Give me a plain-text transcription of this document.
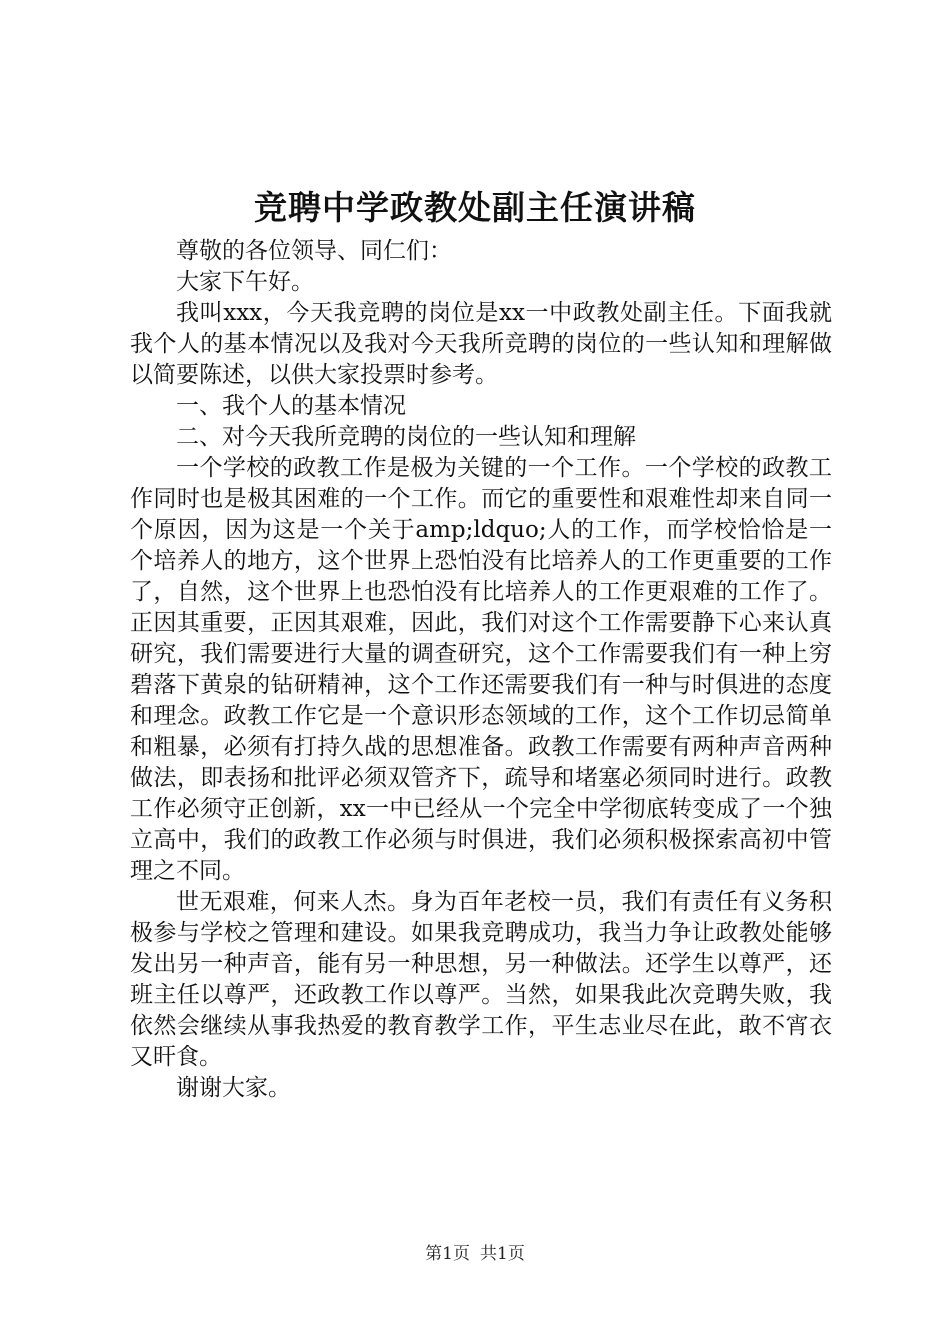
竞聘中学政教处副主任演讲稿

尊敬的各位领导、同仁们：

大家下午好。

我叫xxx，今天我竞聘的岗位是xx一中政教处副主任。下面我就我个人的基本情况以及我对今天我所竞聘的岗位的一些认知和理解做以简要陈述，以供大家投票时参考。

一、我个人的基本情况

二、对今天我所竞聘的岗位的一些认知和理解

一个学校的政教工作是极为关键的一个工作。一个学校的政教工作同时也是极其困难的一个工作。而它的重要性和艰难性却来自同一个原因，因为这是一个关于amp;ldquo;人的工作，而学校恰恰是一个培养人的地方，这个世界上恐怕没有比培养人的工作更重要的工作了，自然，这个世界上也恐怕没有比培养人的工作更艰难的工作了。正因其重要，正因其艰难，因此，我们对这个工作需要静下心来认真研究，我们需要进行大量的调查研究，这个工作需要我们有一种上穷碧落下黄泉的钻研精神，这个工作还需要我们有一种与时俱进的态度和理念。政教工作它是一个意识形态领域的工作，这个工作切忌简单和粗暴，必须有打持久战的思想准备。政教工作需要有两种声音两种做法，即表扬和批评必须双管齐下，疏导和堵塞必须同时进行。政教工作必须守正创新，xx一中已经从一个完全中学彻底转变成了一个独立高中，我们的政教工作必须与时俱进，我们必须积极探索高初中管理之不同。

世无艰难，何来人杰。身为百年老校一员，我们有责任有义务积极参与学校之管理和建设。如果我竞聘成功，我当力争让政教处能够发出另一种声音，能有另一种思想，另一种做法。还学生以尊严，还班主任以尊严，还政教工作以尊严。当然，如果我此次竞聘失败，我依然会继续从事我热爱的教育教学工作，平生志业尽在此，敢不宵衣又旰食。

谢谢大家。

第1页 共1页
